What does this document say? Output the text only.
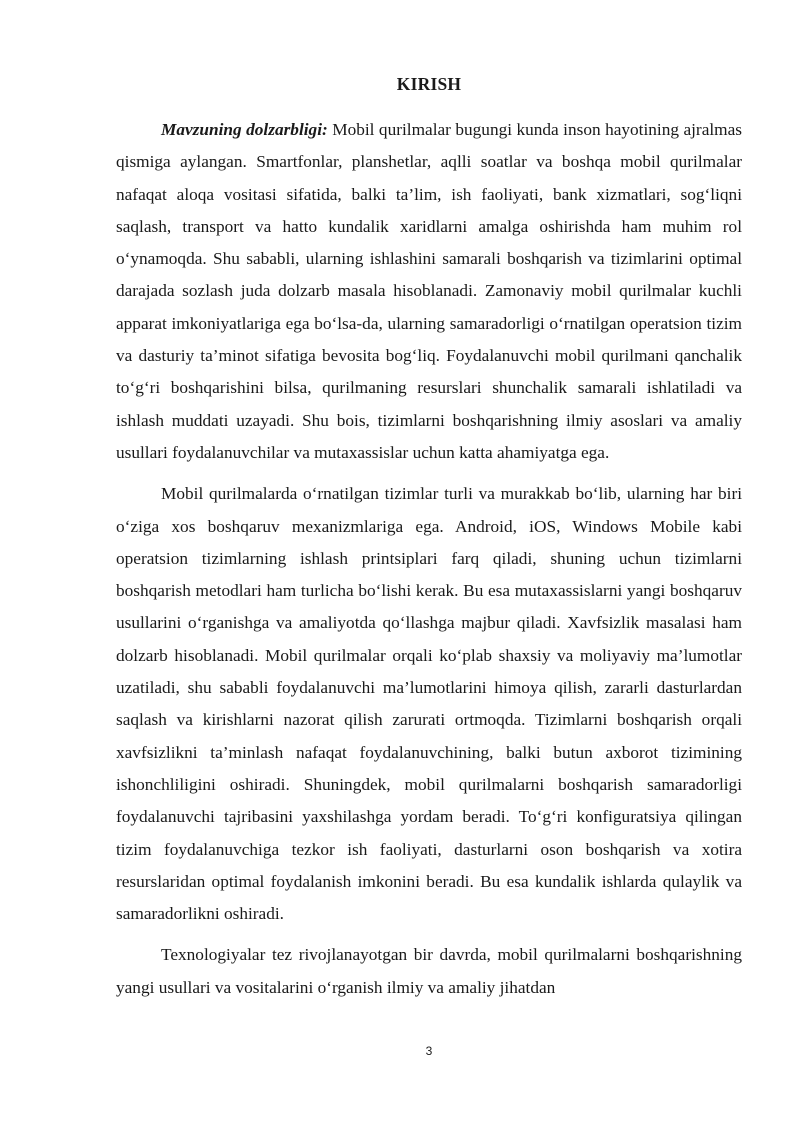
KIRISH

Mavzuning dolzarbligi: Mobil qurilmalar bugungi kunda inson hayotining ajralmas qismiga aylangan. Smartfonlar, planshetlar, aqlli soatlar va boshqa mobil qurilmalar nafaqat aloqa vositasi sifatida, balki ta’lim, ish faoliyati, bank xizmatlari, sog‘liqni saqlash, transport va hatto kundalik xaridlarni amalga oshirishda ham muhim rol o‘ynamoqda. Shu sababli, ularning ishlashini samarali boshqarish va tizimlarini optimal darajada sozlash juda dolzarb masala hisoblanadi. Zamonaviy mobil qurilmalar kuchli apparat imkoniyatlariga ega bo‘lsa-da, ularning samaradorligi o‘rnatilgan operatsion tizim va dasturiy ta’minot sifatiga bevosita bog‘liq. Foydalanuvchi mobil qurilmani qanchalik to‘g‘ri boshqarishini bilsa, qurilmaning resurslari shunchalik samarali ishlatiladi va ishlash muddati uzayadi. Shu bois, tizimlarni boshqarishning ilmiy asoslari va amaliy usullari foydalanuvchilar va mutaxassislar uchun katta ahamiyatga ega.

Mobil qurilmalarda o‘rnatilgan tizimlar turli va murakkab bo‘lib, ularning har biri o‘ziga xos boshqaruv mexanizmlariga ega. Android, iOS, Windows Mobile kabi operatsion tizimlarning ishlash printsiplari farq qiladi, shuning uchun tizimlarni boshqarish metodlari ham turlicha bo‘lishi kerak. Bu esa mutaxassislarni yangi boshqaruv usullarini o‘rganishga va amaliyotda qo‘llashga majbur qiladi. Xavfsizlik masalasi ham dolzarb hisoblanadi. Mobil qurilmalar orqali ko‘plab shaxsiy va moliyaviy ma’lumotlar uzatiladi, shu sababli foydalanuvchi ma’lumotlarini himoya qilish, zararli dasturlardan saqlash va kirishlarni nazorat qilish zarurati ortmoqda. Tizimlarni boshqarish orqali xavfsizlikni ta’minlash nafaqat foydalanuvchining, balki butun axborot tizimining ishonchliligini oshiradi. Shuningdek, mobil qurilmalarni boshqarish samaradorligi foydalanuvchi tajribasini yaxshilashga yordam beradi. To‘g‘ri konfiguratsiya qilingan tizim foydalanuvchiga tezkor ish faoliyati, dasturlarni oson boshqarish va xotira resurslaridan optimal foydalanish imkonini beradi. Bu esa kundalik ishlarda qulaylik va samaradorlikni oshiradi.

Texnologiyalar tez rivojlanayotgan bir davrda, mobil qurilmalarni boshqarishning yangi usullari va vositalarini o‘rganish ilmiy va amaliy jihatdan

3
